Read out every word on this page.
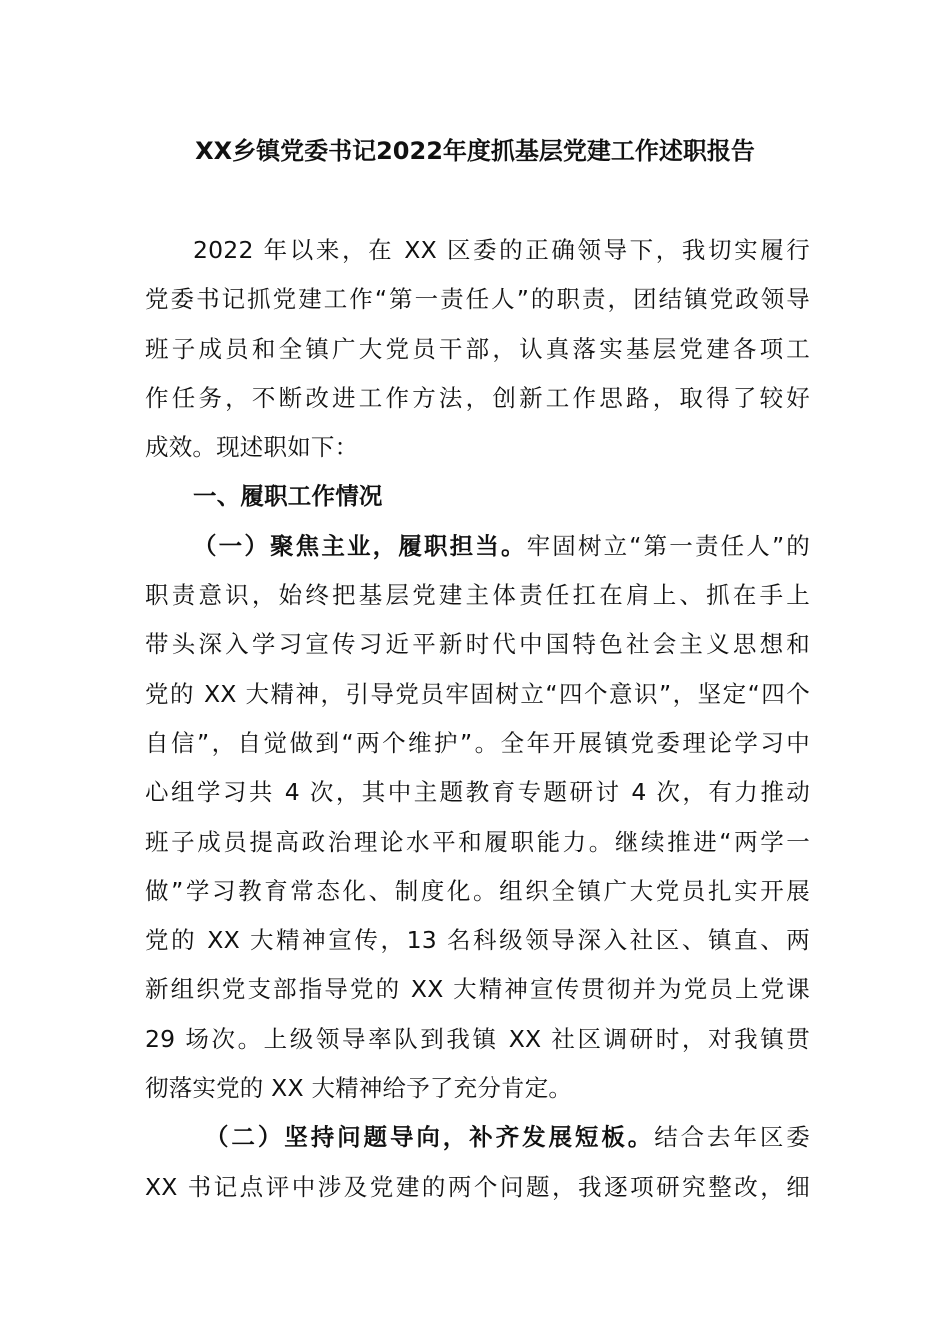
XX乡镇党委书记2022年度抓基层党建工作述职报告
2022 年以来，在 XX 区委的正确领导下，我切实履行
党委书记抓党建工作“第一责任人”的职责，团结镇党政领导
班子成员和全镇广大党员干部，认真落实基层党建各项工
作任务，不断改进工作方法，创新工作思路，取得了较好
成效。现述职如下：
一、履职工作情况
（一）聚焦主业，履职担当。牢固树立“第一责任人”的
职责意识，始终把基层党建主体责任扛在肩上、抓在手上
带头深入学习宣传习近平新时代中国特色社会主义思想和
党的 XX 大精神，引导党员牢固树立“四个意识”，坚定“四个
自信”，自觉做到“两个维护”。全年开展镇党委理论学习中
心组学习共 4 次，其中主题教育专题研讨 4 次，有力推动
班子成员提高政治理论水平和履职能力。继续推进“两学一
做”学习教育常态化、制度化。组织全镇广大党员扎实开展
党的 XX 大精神宣传，13 名科级领导深入社区、镇直、两
新组织党支部指导党的 XX 大精神宣传贯彻并为党员上党课
29 场次。上级领导率队到我镇 XX 社区调研时，对我镇贯
彻落实党的 XX 大精神给予了充分肯定。
（二）坚持问题导向，补齐发展短板。结合去年区委
XX 书记点评中涉及党建的两个问题，我逐项研究整改，细
